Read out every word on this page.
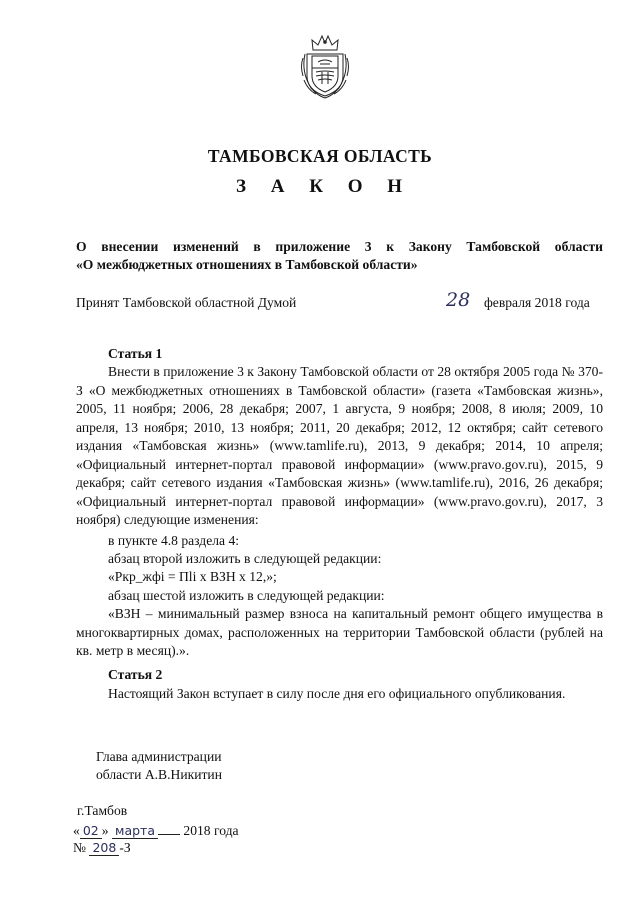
ТАМБОВСКАЯ ОБЛАСТЬ
З А К О Н
О внесении изменений в приложение 3 к Закону Тамбовской области
«О межбюджетных отношениях в Тамбовской области»
Принят Тамбовской областной Думой	28 февраля 2018 года
Статья 1
Внести в приложение 3 к Закону Тамбовской области от 28 октября 2005 года № 370-З «О межбюджетных отношениях в Тамбовской области» (газета «Тамбовская жизнь», 2005, 11 ноября; 2006, 28 декабря; 2007, 1 августа, 9 ноября; 2008, 8 июля; 2009, 10 апреля, 13 ноября; 2010, 13 ноября; 2011, 20 декабря; 2012, 12 октября; сайт сетевого издания «Тамбовская жизнь» (www.tamlife.ru), 2013, 9 декабря; 2014, 10 апреля; «Официальный интернет-портал правовой информации» (www.pravo.gov.ru), 2015, 9 декабря; сайт сетевого издания «Тамбовская жизнь» (www.tamlife.ru), 2016, 26 декабря; «Официальный интернет-портал правовой информации» (www.pravo.gov.ru), 2017, 3 ноября) следующие изменения:
в пункте 4.8 раздела 4:
абзац второй изложить в следующей редакции:
«Ркр_жфi = Пli х ВЗН х 12,»;
абзац шестой изложить в следующей редакции:
«ВЗН – минимальный размер взноса на капитальный ремонт общего имущества в многоквартирных домах, расположенных на территории Тамбовской области (рублей на кв. метр в месяц).».
Статья 2
Настоящий Закон вступает в силу после дня его официального опубликования.
Глава администрации
области А.В.Никитин
г.Тамбов
« 02 » марта 2018 года
№ 208 -З
